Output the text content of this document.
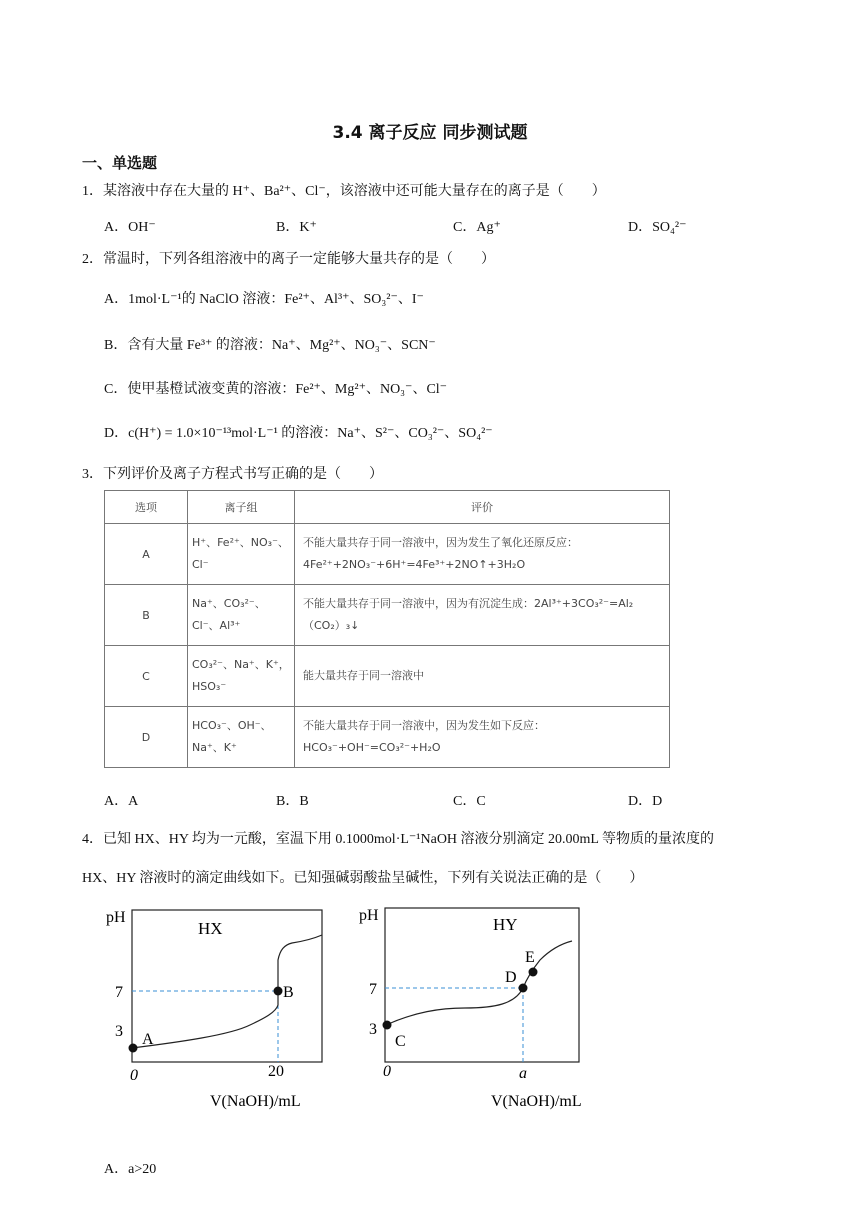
3.4 离子反应 同步测试题
一、单选题
1．某溶液中存在大量的 H⁺、Ba²⁺、Cl⁻，该溶液中还可能大量存在的离子是（　　）
A．OH⁻	B．K⁺	C．Ag⁺	D．SO₄²⁻
2．常温时，下列各组溶液中的离子一定能够大量共存的是（　　）
A．1mol·L⁻¹的 NaClO 溶液：Fe²⁺、Al³⁺、SO₃²⁻、I⁻
B．含有大量 Fe³⁺ 的溶液：Na⁺、Mg²⁺、NO₃⁻、SCN⁻
C．使甲基橙试液变黄的溶液：Fe²⁺、Mg²⁺、NO₃⁻、Cl⁻
D．c(H⁺) = 1.0×10⁻¹³mol·L⁻¹ 的溶液：Na⁺、S²⁻、CO₃²⁻、SO₄²⁻
3．下列评价及离子方程式书写正确的是（　　）
选项	离子组	评价
A	H⁺、Fe²⁺、NO₃⁻、Cl⁻	不能大量共存于同一溶液中，因为发生了氧化还原反应：4Fe²⁺+2NO₃⁻+6H⁺=4Fe³⁺+2NO↑+3H₂O
B	Na⁺、CO₃²⁻、Cl⁻、Al³⁺	不能大量共存于同一溶液中，因为有沉淀生成：2Al³⁺+3CO₃²⁻=Al₂（CO₂）₃↓
C	CO₃²⁻、Na⁺、K⁺，HSO₃⁻	能大量共存于同一溶液中
D	HCO₃⁻、OH⁻、Na⁺、K⁺	不能大量共存于同一溶液中，因为发生如下反应：HCO₃⁻+OH⁻=CO₃²⁻+H₂O
A．A	B．B	C．C	D．D
4．已知 HX、HY 均为一元酸，室温下用 0.1000mol·L⁻¹NaOH 溶液分别滴定 20.00mL 等物质的量浓度的
HX、HY 溶液时的滴定曲线如下。已知强碱弱酸盐呈碱性，下列有关说法正确的是（　　）
pH
HX
7
3
0	20
A
B
V(NaOH)/mL
pH	HY
7
3
0	a
C
D
E
V(NaOH)/mL
A．a>20
